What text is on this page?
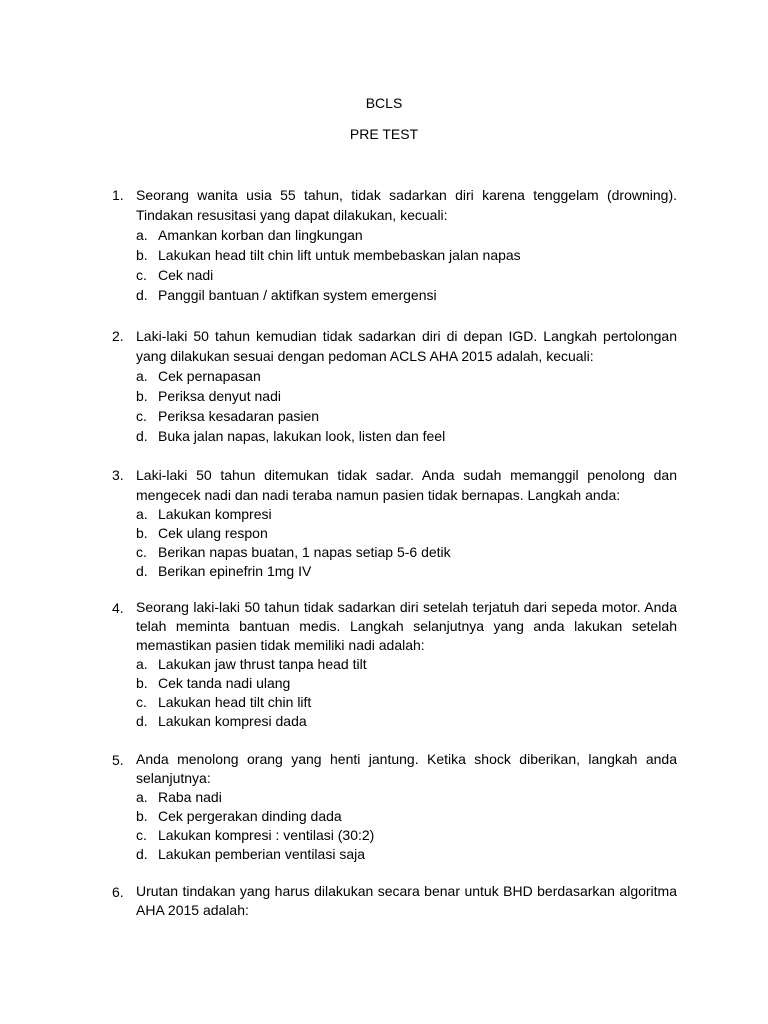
BCLS
PRE TEST
1. Seorang wanita usia 55 tahun, tidak sadarkan diri karena tenggelam (drowning). Tindakan resusitasi yang dapat dilakukan, kecuali:
a. Amankan korban dan lingkungan
b. Lakukan head tilt chin lift untuk membebaskan jalan napas
c. Cek nadi
d. Panggil bantuan / aktifkan system emergensi
2. Laki-laki 50 tahun kemudian tidak sadarkan diri di depan IGD. Langkah pertolongan yang dilakukan sesuai dengan pedoman ACLS AHA 2015 adalah, kecuali:
a. Cek pernapasan
b. Periksa denyut nadi
c. Periksa kesadaran pasien
d. Buka jalan napas, lakukan look, listen dan feel
3. Laki-laki 50 tahun ditemukan tidak sadar. Anda sudah memanggil penolong dan mengecek nadi dan nadi teraba namun pasien tidak bernapas. Langkah anda:
a. Lakukan kompresi
b. Cek ulang respon
c. Berikan napas buatan, 1 napas setiap 5-6 detik
d. Berikan epinefrin 1mg IV
4. Seorang laki-laki 50 tahun tidak sadarkan diri setelah terjatuh dari sepeda motor. Anda telah meminta bantuan medis. Langkah selanjutnya yang anda lakukan setelah memastikan pasien tidak memiliki nadi adalah:
a. Lakukan jaw thrust tanpa head tilt
b. Cek tanda nadi ulang
c. Lakukan head tilt chin lift
d. Lakukan kompresi dada
5. Anda menolong orang yang henti jantung. Ketika shock diberikan, langkah anda selanjutnya:
a. Raba nadi
b. Cek pergerakan dinding dada
c. Lakukan kompresi : ventilasi (30:2)
d. Lakukan pemberian ventilasi saja
6. Urutan tindakan yang harus dilakukan secara benar untuk BHD berdasarkan algoritma AHA 2015 adalah:
